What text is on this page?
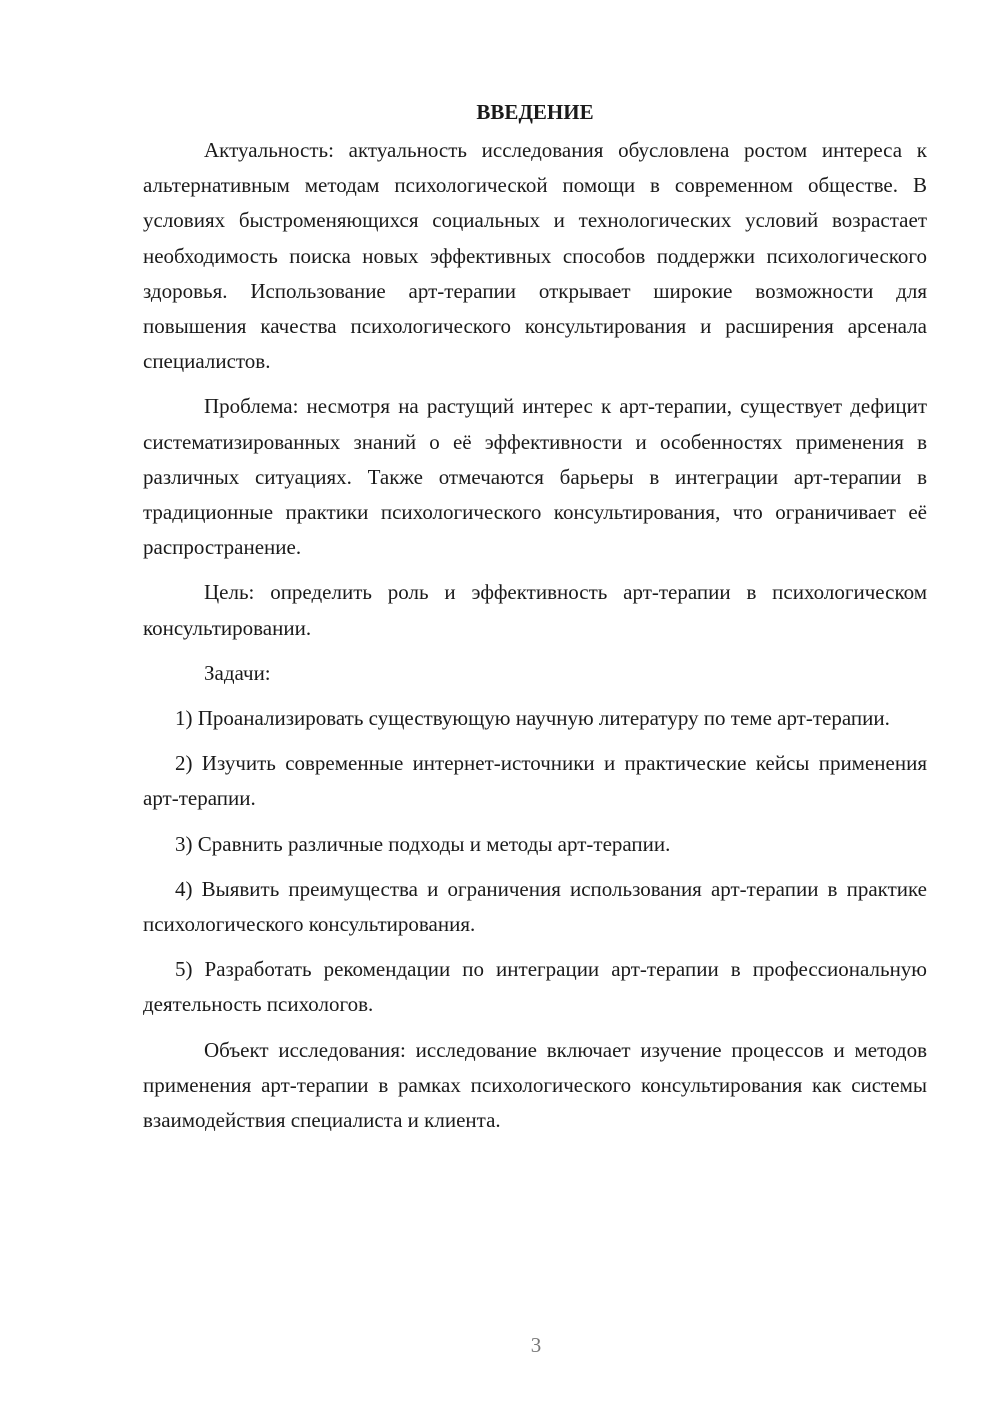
ВВЕДЕНИЕ

Актуальность: актуальность исследования обусловлена ростом интереса к альтернативным методам психологической помощи в современном обществе. В условиях быстроменяющихся социальных и технологических условий возрастает необходимость поиска новых эффективных способов поддержки психологического здоровья. Использование арт-терапии открывает широкие возможности для повышения качества психологического консультирования и расширения арсенала специалистов.

Проблема: несмотря на растущий интерес к арт-терапии, существует дефицит систематизированных знаний о её эффективности и особенностях применения в различных ситуациях. Также отмечаются барьеры в интеграции арт-терапии в традиционные практики психологического консультирования, что ограничивает её распространение.

Цель: определить роль и эффективность арт-терапии в психологическом консультировании.

Задачи:

1) Проанализировать существующую научную литературу по теме арт-терапии.

2) Изучить современные интернет-источники и практические кейсы применения арт-терапии.

3) Сравнить различные подходы и методы арт-терапии.

4) Выявить преимущества и ограничения использования арт-терапии в практике психологического консультирования.

5) Разработать рекомендации по интеграции арт-терапии в профессиональную деятельность психологов.

Объект исследования: исследование включает изучение процессов и методов применения арт-терапии в рамках психологического консультирования как системы взаимодействия специалиста и клиента.

3
